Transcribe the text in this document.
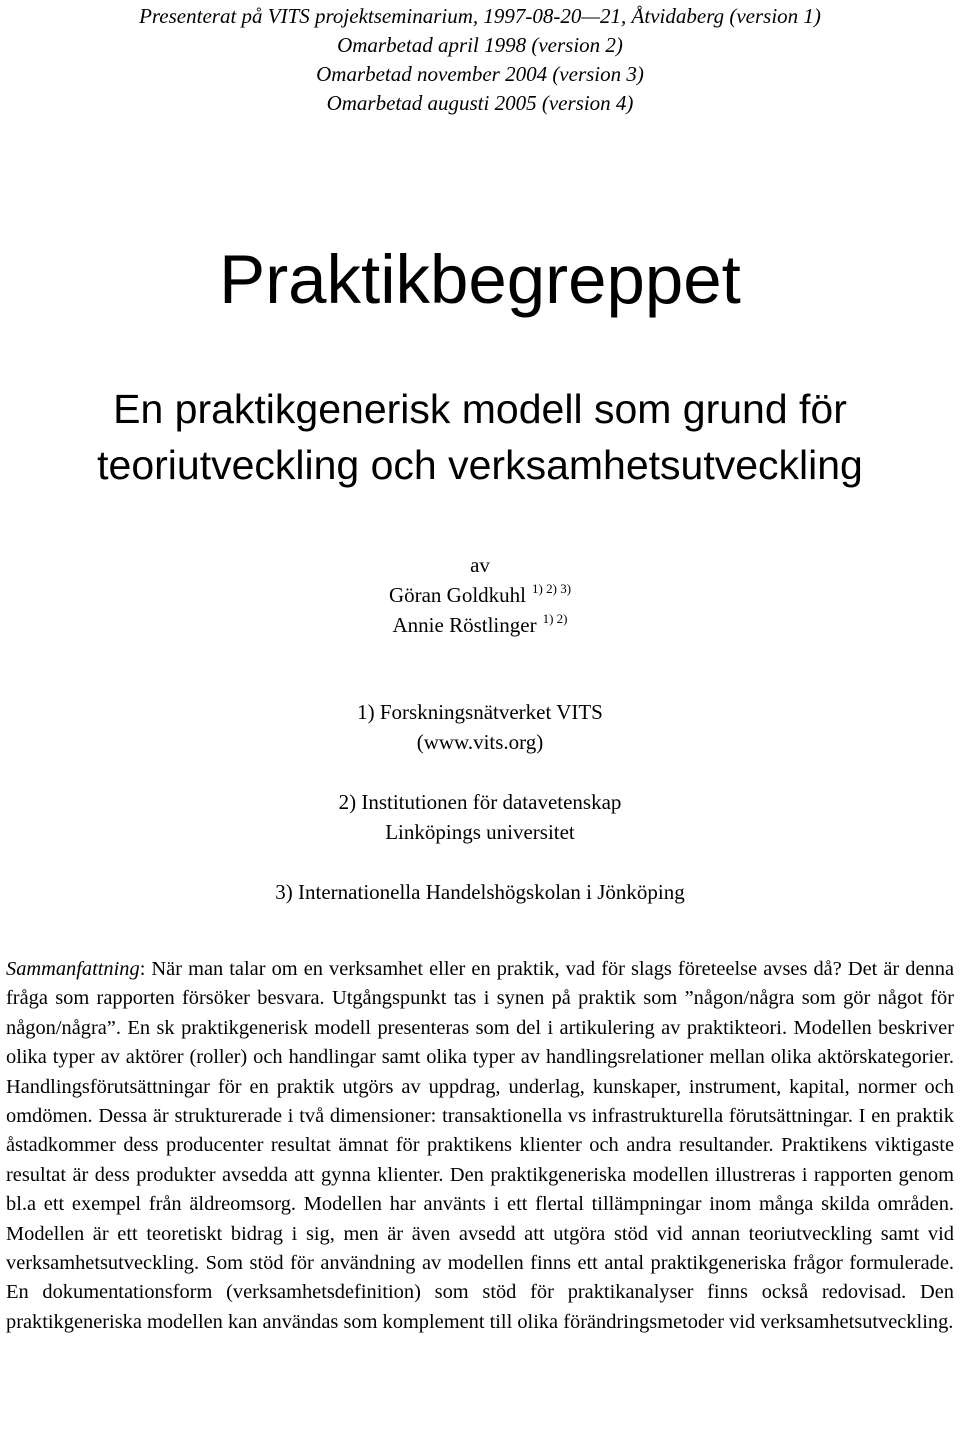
Presenterat på VITS projektseminarium, 1997-08-20—21, Åtvidaberg (version 1)
Omarbetad april 1998 (version 2)
Omarbetad november 2004 (version 3)
Omarbetad augusti 2005 (version 4)
Praktikbegreppet
En praktikgenerisk modell som grund för
teoriutveckling och verksamhetsutveckling
av
Göran Goldkuhl $^{1) 2) 3)}$
Annie Röstlinger $^{1) 2)}$
1) Forskningsnätverket VITS
(www.vits.org)
2) Institutionen för datavetenskap
Linköpings universitet
3) Internationella Handelshögskolan i Jönköping
Sammanfattning: När man talar om en verksamhet eller en praktik, vad för slags företeelse avses då? Det är denna fråga som rapporten försöker besvara. Utgångspunkt tas i synen på praktik som ”någon/några som gör något för någon/några”. En sk praktikgenerisk modell presenteras som del i artikulering av praktikteori. Modellen beskriver olika typer av aktörer (roller) och handlingar samt olika typer av handlingsrelationer mellan olika aktörskategorier. Handlingsförutsättningar för en praktik utgörs av uppdrag, underlag, kunskaper, instrument, kapital, normer och omdömen. Dessa är strukturerade i två dimensioner: transaktionella vs infrastrukturella förutsättningar. I en praktik åstadkommer dess producenter resultat ämnat för praktikens klienter och andra resultander. Praktikens viktigaste resultat är dess produkter avsedda att gynna klienter. Den praktikgeneriska modellen illustreras i rapporten genom bl.a ett exempel från äldreomsorg. Modellen har använts i ett flertal tillämpningar inom många skilda områden. Modellen är ett teoretiskt bidrag i sig, men är även avsedd att utgöra stöd vid annan teoriutveckling samt vid verksamhetsutveckling. Som stöd för användning av modellen finns ett antal praktikgeneriska frågor formulerade. En dokumentationsform (verksamhetsdefinition) som stöd för praktikanalyser finns också redovisad. Den praktikgeneriska modellen kan användas som komplement till olika förändringsmetoder vid verksamhetsutveckling.
